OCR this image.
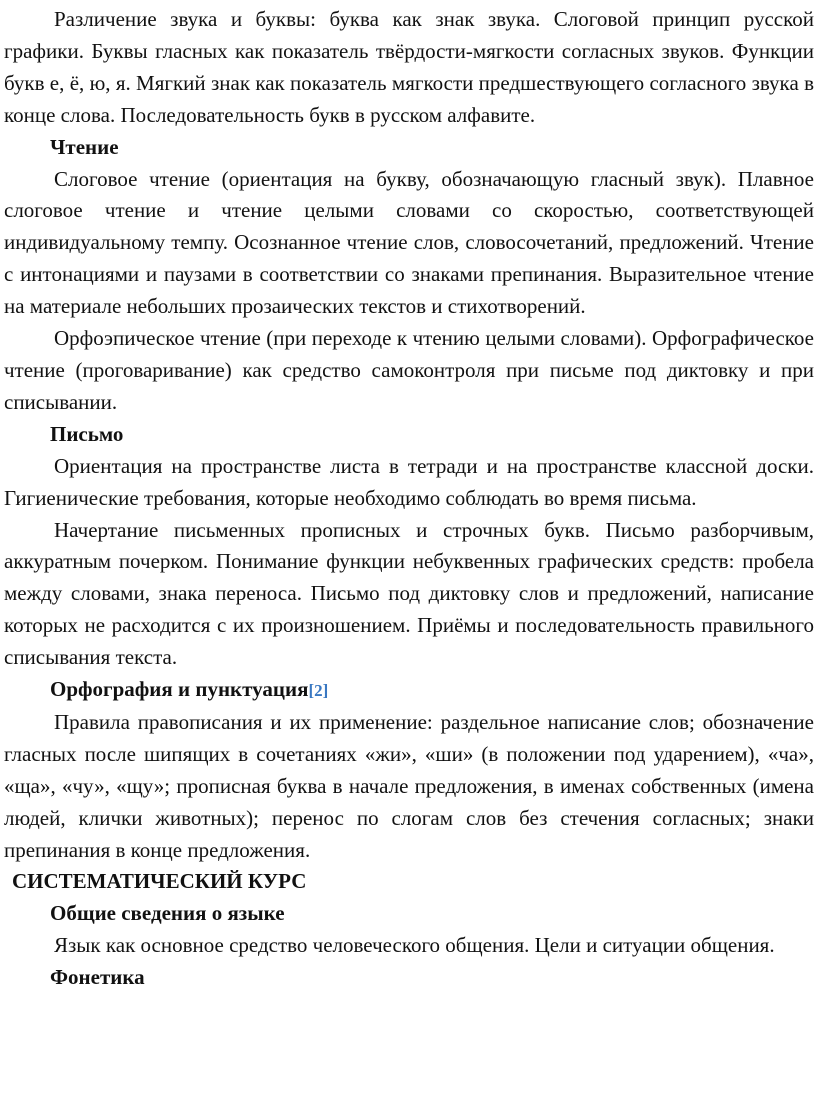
Различение звука и буквы: буква как знак звука. Слоговой принцип русской графики. Буквы гласных как показатель твёрдости-мягкости согласных звуков. Функции букв е, ё, ю, я. Мягкий знак как показатель мягкости предшествующего согласного звука в конце слова. Последовательность букв в русском алфавите.

Чтение

Слоговое чтение (ориентация на букву, обозначающую гласный звук). Плавное слоговое чтение и чтение целыми словами со скоростью, соответствующей индивидуальному темпу. Осознанное чтение слов, словосочетаний, предложений. Чтение с интонациями и паузами в соответствии со знаками препинания. Выразительное чтение на материале небольших прозаических текстов и стихотворений.

Орфоэпическое чтение (при переходе к чтению целыми словами). Орфографическое чтение (проговаривание) как средство самоконтроля при письме под диктовку и при списывании.

Письмо

Ориентация на пространстве листа в тетради и на пространстве классной доски. Гигиенические требования, которые необходимо соблюдать во время письма.

Начертание письменных прописных и строчных букв. Письмо разборчивым, аккуратным почерком. Понимание функции небуквенных графических средств: пробела между словами, знака переноса. Письмо под диктовку слов и предложений, написание которых не расходится с их произношением. Приёмы и последовательность правильного списывания текста.

Орфография и пунктуация[2]

Правила правописания и их применение: раздельное написание слов; обозначение гласных после шипящих в сочетаниях «жи», «ши» (в положении под ударением), «ча», «ща», «чу», «щу»; прописная буква в начале предложения, в именах собственных (имена людей, клички животных); перенос по слогам слов без стечения согласных; знаки препинания в конце предложения.

СИСТЕМАТИЧЕСКИЙ КУРС
Общие сведения о языке

Язык как основное средство человеческого общения. Цели и ситуации общения.

Фонетика
